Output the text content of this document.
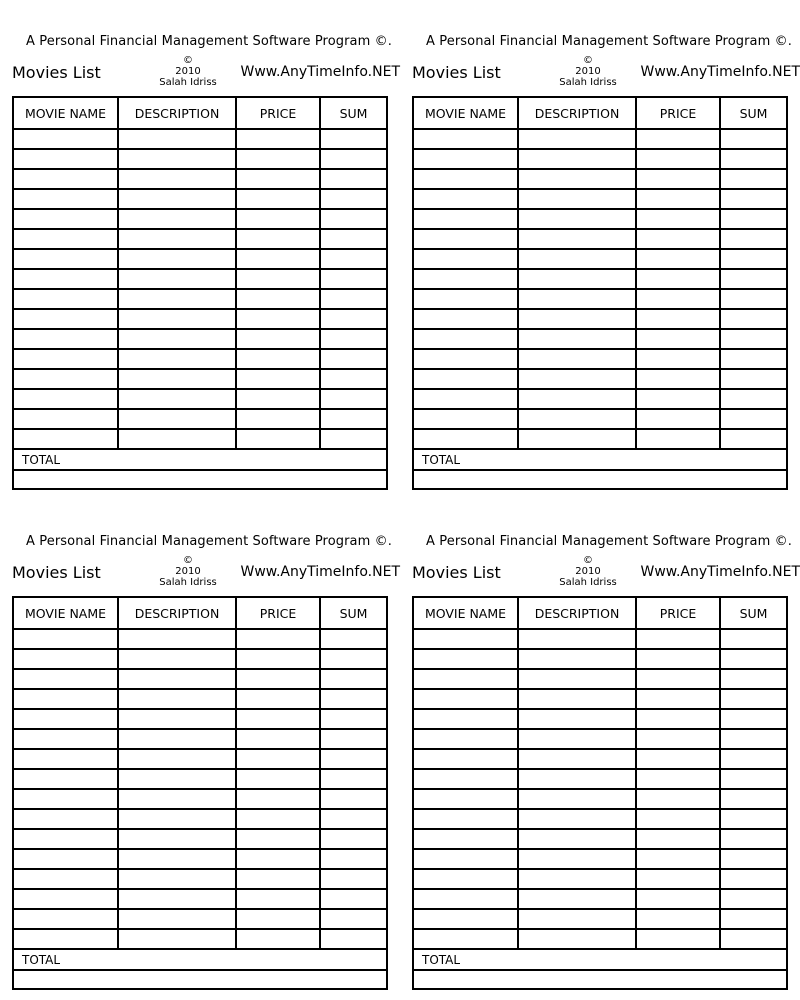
A Personal Financial Management Software Program ©.
Movies List
©
2010
Salah Idriss
Www.AnyTimeInfo.NET
MOVIE NAME	DESCRIPTION	PRICE	SUM
TOTAL
A Personal Financial Management Software Program ©.
Movies List
©
2010
Salah Idriss
Www.AnyTimeInfo.NET
MOVIE NAME	DESCRIPTION	PRICE	SUM
TOTAL
A Personal Financial Management Software Program ©.
Movies List
©
2010
Salah Idriss
Www.AnyTimeInfo.NET
MOVIE NAME	DESCRIPTION	PRICE	SUM
TOTAL
A Personal Financial Management Software Program ©.
Movies List
©
2010
Salah Idriss
Www.AnyTimeInfo.NET
MOVIE NAME	DESCRIPTION	PRICE	SUM
TOTAL
